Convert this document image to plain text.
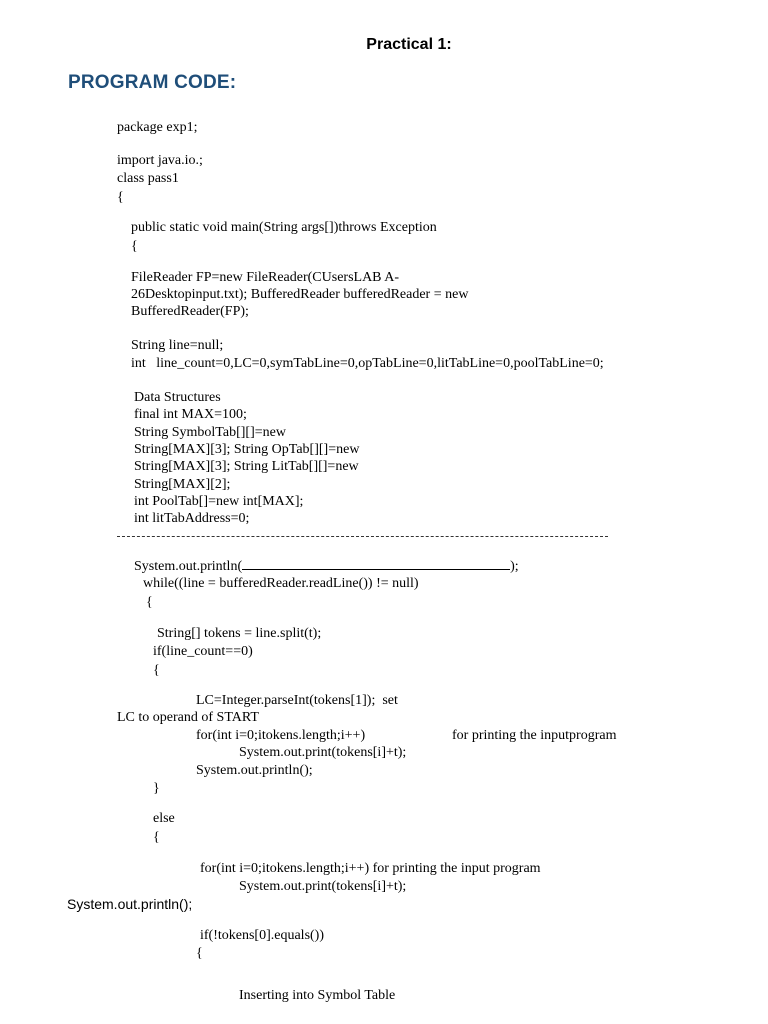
Practical 1:
PROGRAM CODE:
package exp1;
import java.io.;
class pass1
{
public static void main(String args[])throws Exception
{
FileReader FP=new FileReader(CUsersLAB A-
26Desktopinput.txt); BufferedReader bufferedReader = new
BufferedReader(FP);
String line=null;
int   line_count=0,LC=0,symTabLine=0,opTabLine=0,litTabLine=0,poolTabLine=0;
Data Structures
final int MAX=100;
String SymbolTab[][]=new
String[MAX][3]; String OpTab[][]=new
String[MAX][3]; String LitTab[][]=new
String[MAX][2];
int PoolTab[]=new int[MAX];
int litTabAddress=0;
System.out.println(	);
while((line = bufferedReader.readLine()) != null)
{
String[] tokens = line.split(t);
if(line_count==0)
{
LC=Integer.parseInt(tokens[1]);  set
LC to operand of START
for(int i=0;itokens.length;i++)	for printing the inputprogram
System.out.print(tokens[i]+t);
System.out.println();
}
else
{
for(int i=0;itokens.length;i++) for printing the input program
System.out.print(tokens[i]+t);
System.out.println();
if(!tokens[0].equals())
{
Inserting into Symbol Table
